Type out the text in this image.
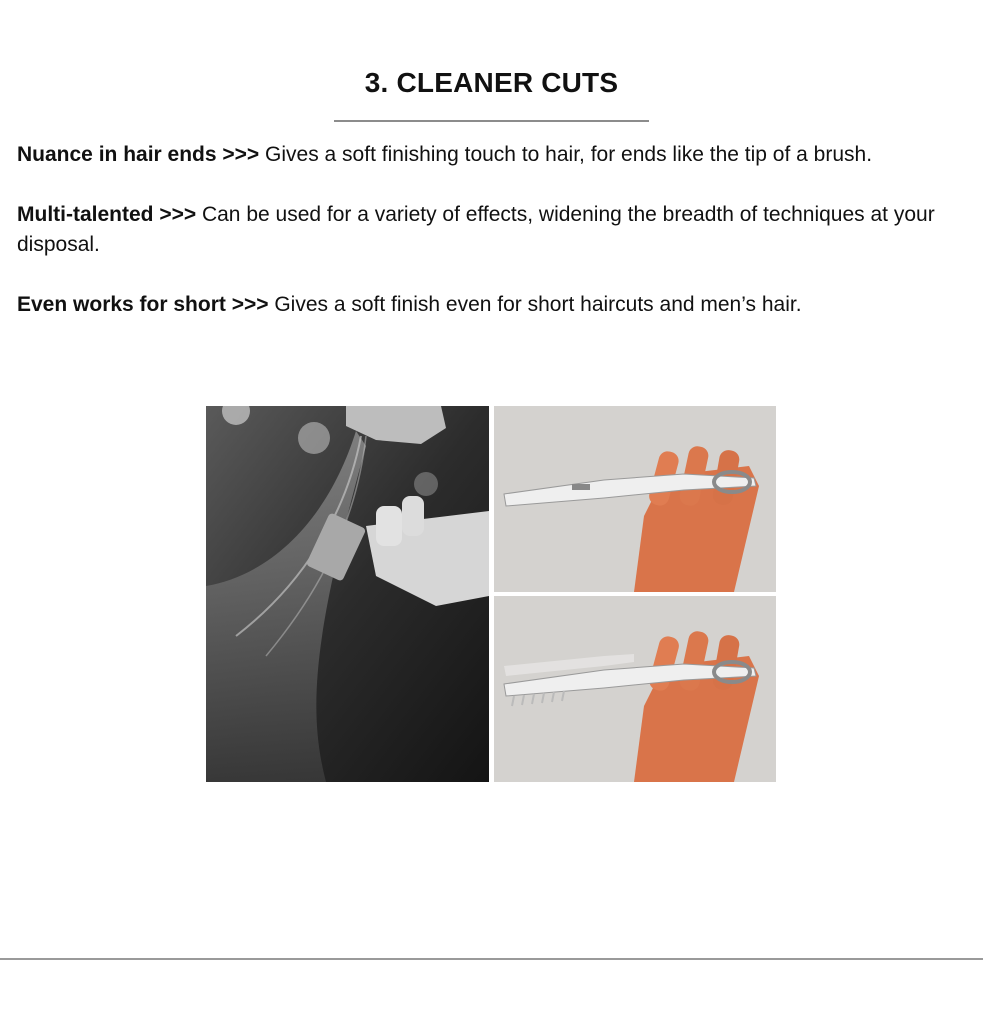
3. CLEANER CUTS

Nuance in hair ends >>> Gives a soft finishing touch to hair, for ends like the tip of a brush.

Multi-talented >>> Can be used for a variety of effects, widening the breadth of techniques at your disposal.

Even works for short >>> Gives a soft finish even for short haircuts and men’s hair.
